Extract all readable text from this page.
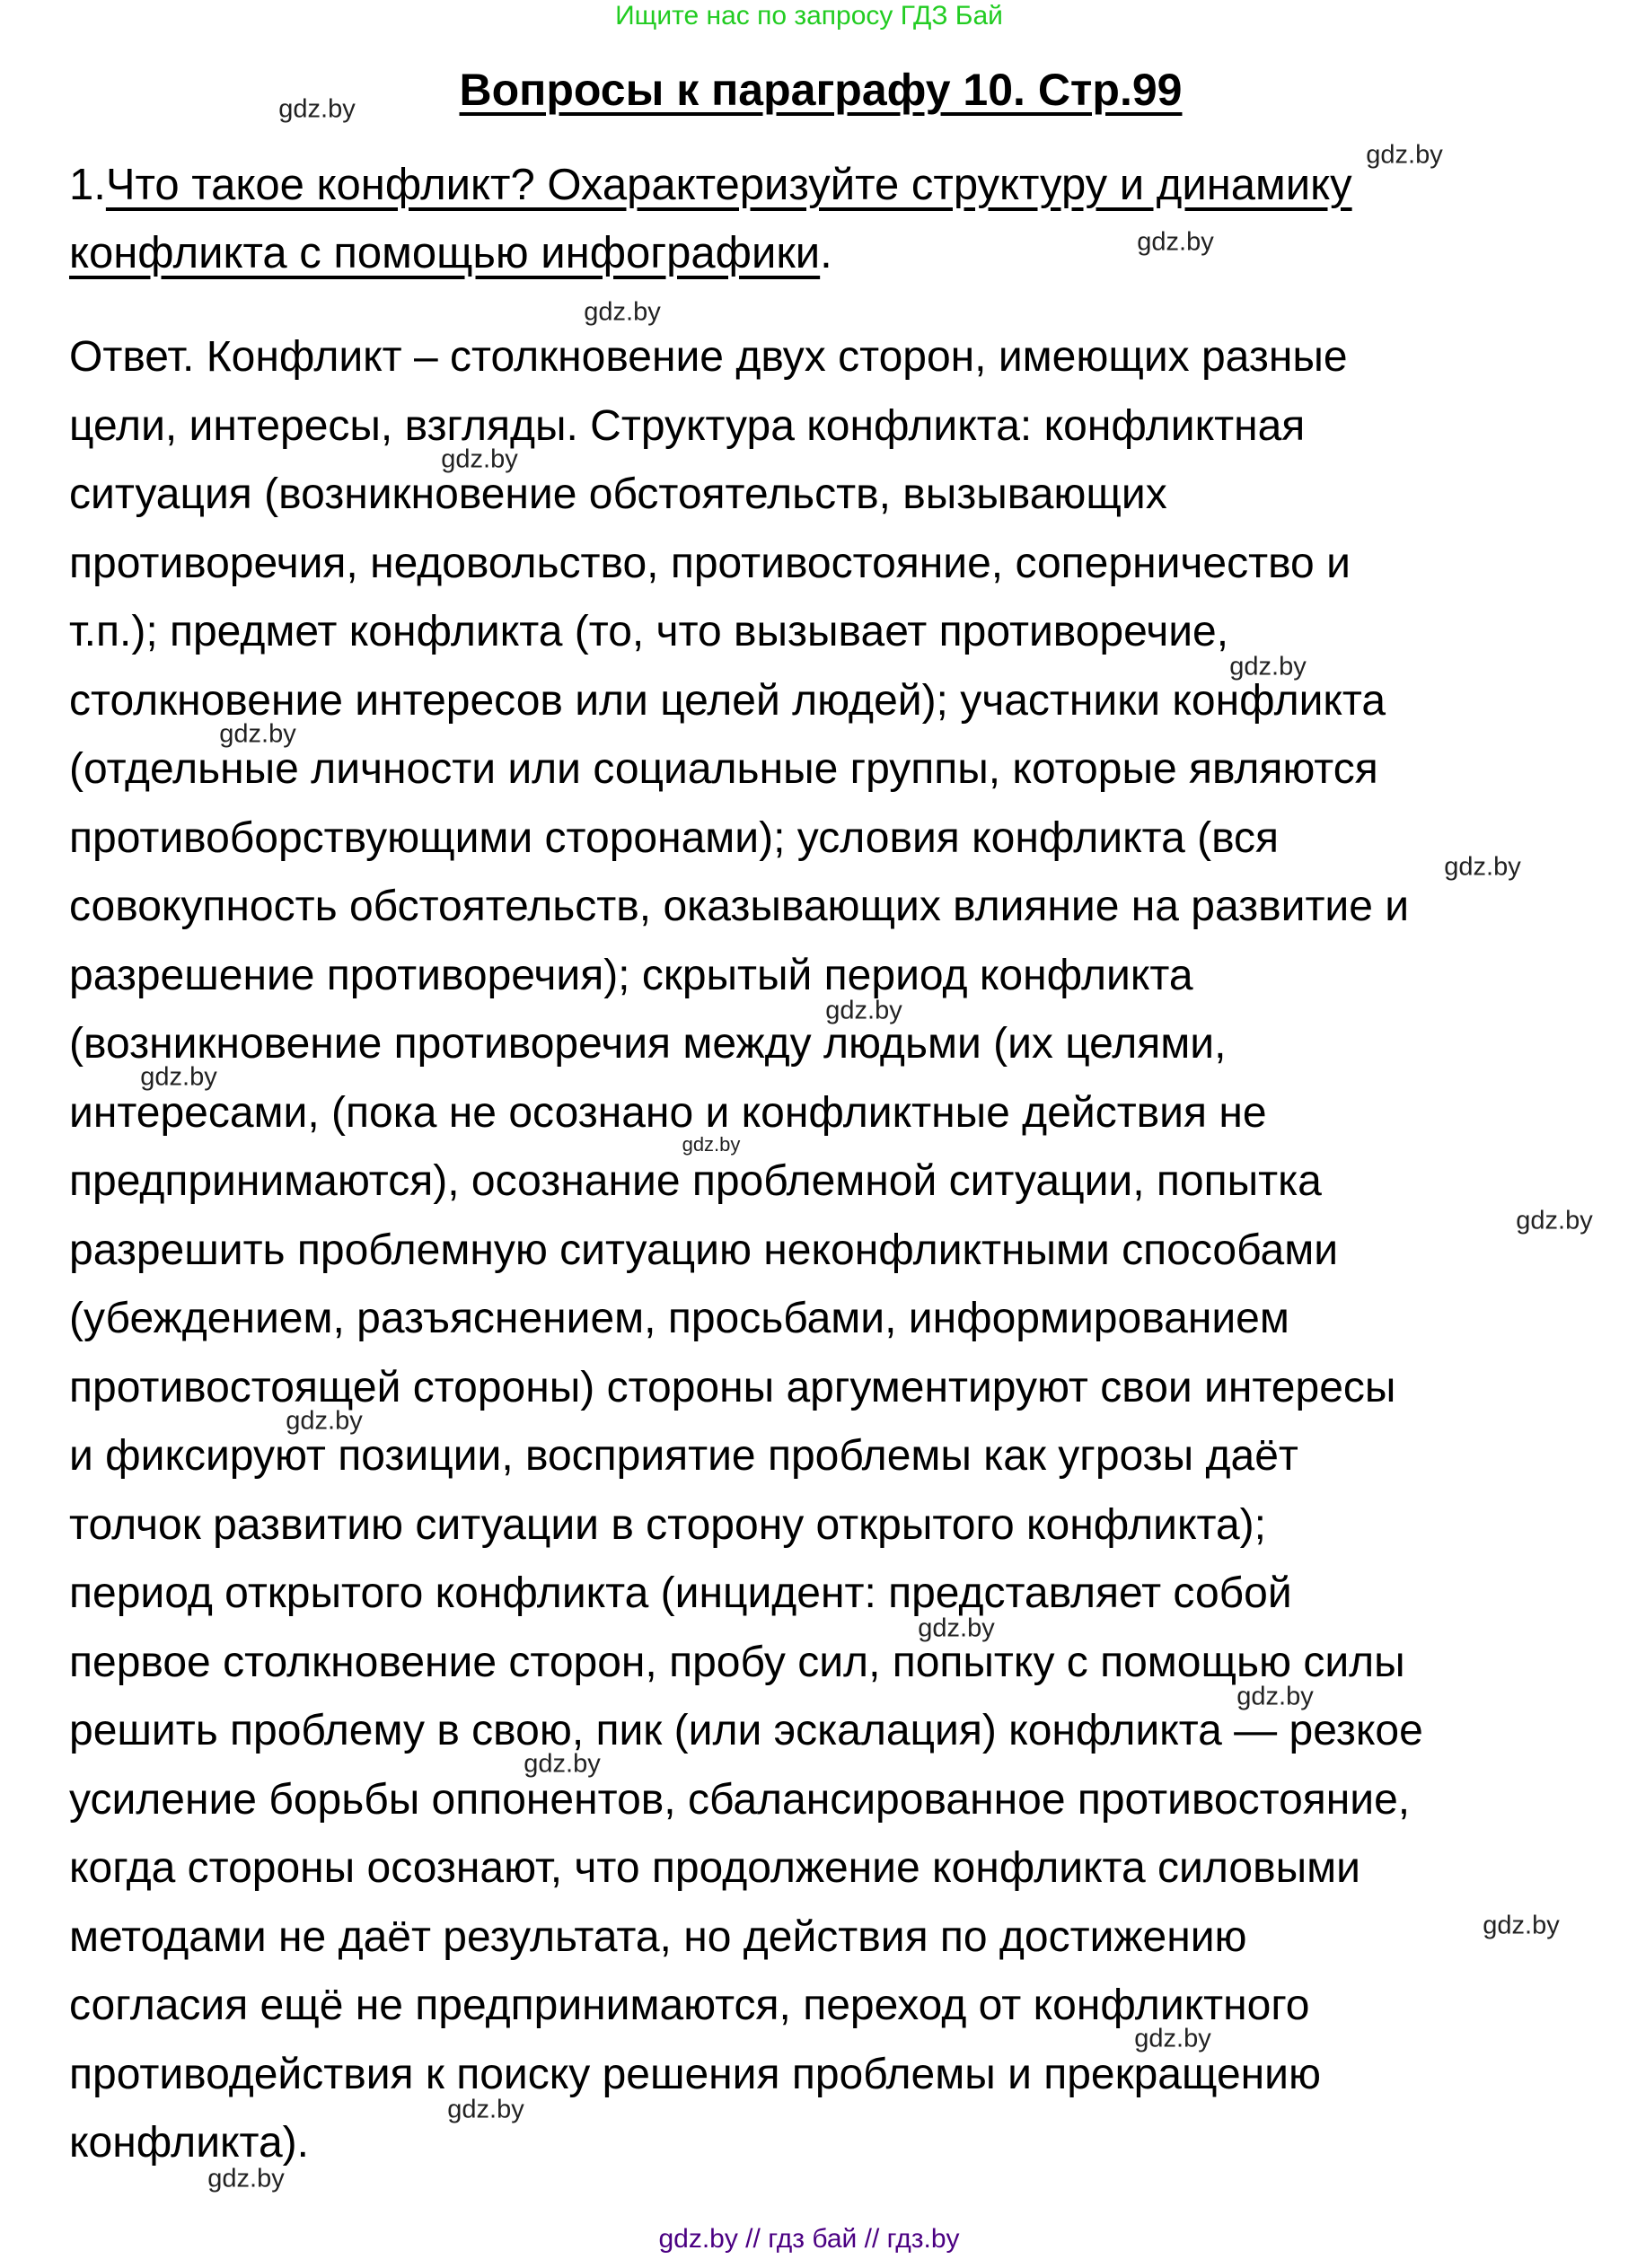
Ищите нас по запросу ГДЗ Бай
Вопросы к параграфу 10. Стр.99
1.Что такое конфликт? Охарактеризуйте структуру и динамику
конфликта с помощью инфографики.
Ответ. Конфликт – столкновение двух сторон, имеющих разные
цели, интересы, взгляды. Структура конфликта: конфликтная
ситуация (возникновение обстоятельств, вызывающих
противоречия, недовольство, противостояние, соперничество и
т.п.); предмет конфликта (то, что вызывает противоречие,
столкновение интересов или целей людей); участники конфликта
(отдельные личности или социальные группы, которые являются
противоборствующими сторонами); условия конфликта (вся
совокупность обстоятельств, оказывающих влияние на развитие и
разрешение противоречия); скрытый период конфликта
(возникновение противоречия между людьми (их целями,
интересами, (пока не осознано и конфликтные действия не
предпринимаются), осознание проблемной ситуации, попытка
разрешить проблемную ситуацию неконфликтными способами
(убеждением, разъяснением, просьбами, информированием
противостоящей стороны) стороны аргументируют свои интересы
и фиксируют позиции, восприятие проблемы как угрозы даёт
толчок развитию ситуации в сторону открытого конфликта);
период открытого конфликта (инцидент: представляет собой
первое столкновение сторон, пробу сил, попытку с помощью силы
решить проблему в свою, пик (или эскалация) конфликта — резкое
усиление борьбы оппонентов, сбалансированное противостояние,
когда стороны осознают, что продолжение конфликта силовыми
методами не даёт результата, но действия по достижению
согласия ещё не предпринимаются, переход от конфликтного
противодействия к поиску решения проблемы и прекращению
конфликта).
gdz.by
gdz.by
gdz.by
gdz.by
gdz.by
gdz.by
gdz.by
gdz.by
gdz.by
gdz.by
gdz.by
gdz.by
gdz.by
gdz.by
gdz.by
gdz.by
gdz.by
gdz.by
gdz.by
gdz.by
gdz.by // гдз бай // гдз.by
